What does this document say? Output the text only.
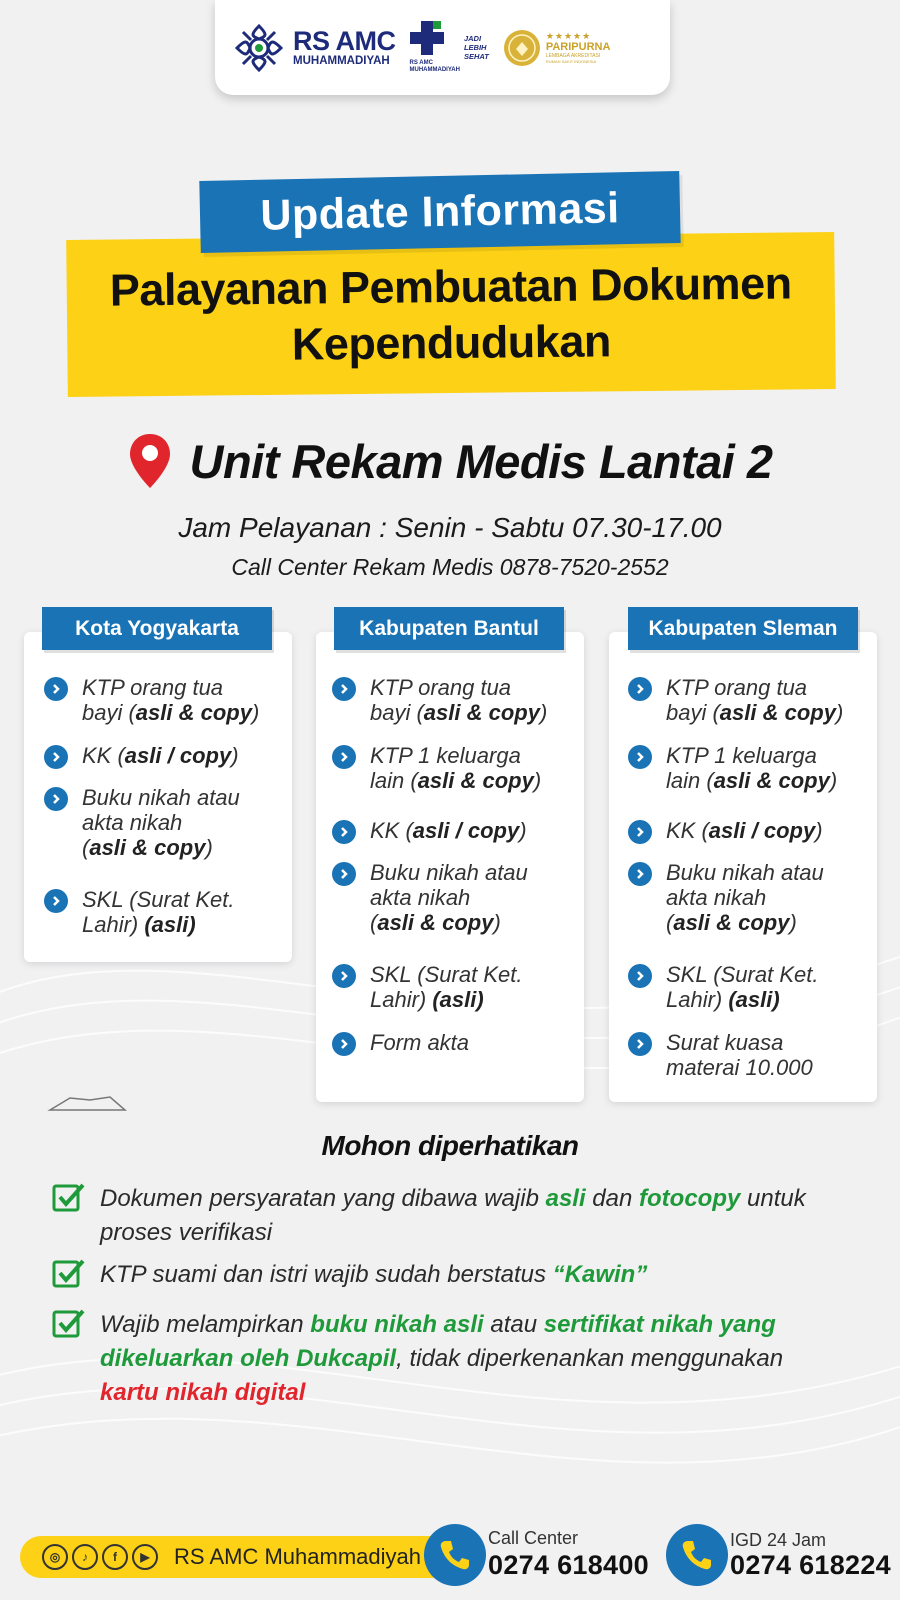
RS AMC
MUHAMMADIYAH	RS AMC
MUHAMMADIYAH
JADI
LEBIH
SEHAT
★★★★★
PARIPURNA
LEMBAGA AKREDITASI
RUMAH SAKIT INDONESIA
Palayanan Pembuatan Dokumen
Kependudukan
Update Informasi
Unit Rekam Medis Lantai 2
Jam Pelayanan : Senin - Sabtu 07.30-17.00
Call Center Rekam Medis 0878-7520-2552
Kota Yogyakarta
KTP orang tua
bayi (asli & copy)
KK (asli / copy)
Buku nikah atau
akta nikah
(asli & copy)
SKL (Surat Ket.
Lahir) (asli)
Kabupaten Bantul
KTP orang tua
bayi (asli & copy)
KTP 1 keluarga
lain (asli & copy)
KK (asli / copy)
Buku nikah atau
akta nikah
(asli & copy)
SKL (Surat Ket.
Lahir) (asli)
Form akta
Kabupaten Sleman
KTP orang tua
bayi (asli & copy)
KTP 1 keluarga
lain (asli & copy)
KK (asli / copy)
Buku nikah atau
akta nikah
(asli & copy)
SKL (Surat Ket.
Lahir) (asli)
Surat kuasa
materai 10.000
Mohon diperhatikan
Dokumen persyaratan yang dibawa wajib asli dan fotocopy untuk
proses verifikasi
KTP suami dan istri wajib sudah berstatus “Kawin”
Wajib melampirkan buku nikah asli atau sertifikat nikah yang
dikeluarkan oleh Dukcapil, tidak diperkenankan menggunakan
kartu nikah digital
◎	♪	f	▶	RS AMC Muhammadiyah
Call Center
0274 618400
IGD 24 Jam
0274 618224
